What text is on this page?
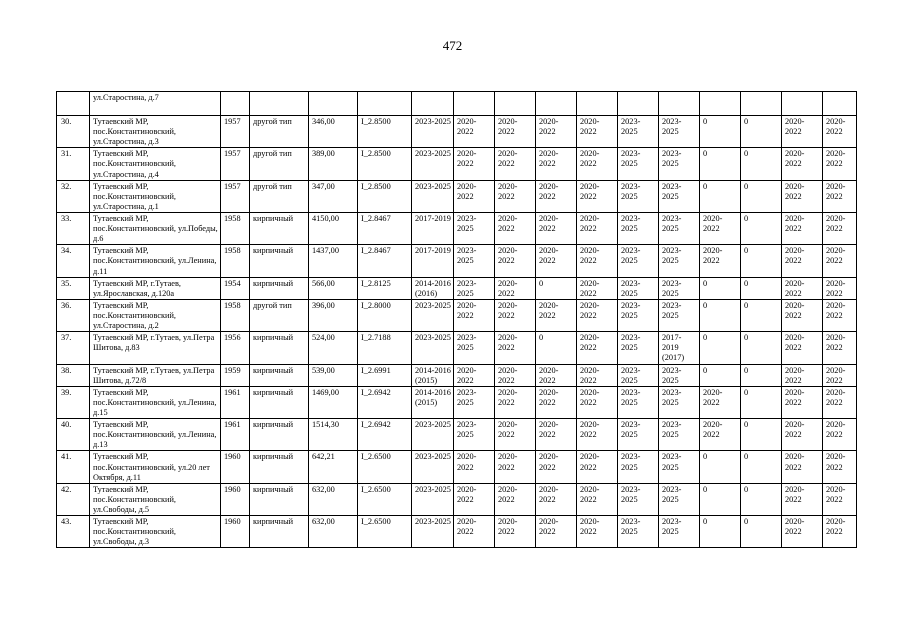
472
	ул.Старостина, д.7															
30.	Тутаевский МР, пос.Константиновский, ул.Старостина, д.3	1957	другой тип	346,00	I_2.8500	2023-2025	2020-2022	2020-2022	2020-2022	2020-2022	2023-2025	2023-2025	0	0	2020-2022	2020-2022
31.	Тутаевский МР, пос.Константиновский, ул.Старостина, д.4	1957	другой тип	389,00	I_2.8500	2023-2025	2020-2022	2020-2022	2020-2022	2020-2022	2023-2025	2023-2025	0	0	2020-2022	2020-2022
32.	Тутаевский МР, пос.Константиновский, ул.Старостина, д.1	1957	другой тип	347,00	I_2.8500	2023-2025	2020-2022	2020-2022	2020-2022	2020-2022	2023-2025	2023-2025	0	0	2020-2022	2020-2022
33.	Тутаевский МР, пос.Константиновский, ул.Победы, д.6	1958	кирпичный	4150,00	I_2.8467	2017-2019	2023-2025	2020-2022	2020-2022	2020-2022	2023-2025	2023-2025	2020-2022	0	2020-2022	2020-2022
34.	Тутаевский МР, пос.Константиновский, ул.Ленина, д.11	1958	кирпичный	1437,00	I_2.8467	2017-2019	2023-2025	2020-2022	2020-2022	2020-2022	2023-2025	2023-2025	2020-2022	0	2020-2022	2020-2022
35.	Тутаевский МР, г.Тутаев, ул.Ярославская, д.120а	1954	кирпичный	566,00	I_2.8125	2014-2016 (2016)	2023-2025	2020-2022	0	2020-2022	2023-2025	2023-2025	0	0	2020-2022	2020-2022
36.	Тутаевский МР, пос.Константиновский, ул.Старостина, д.2	1958	другой тип	396,00	I_2.8000	2023-2025	2020-2022	2020-2022	2020-2022	2020-2022	2023-2025	2023-2025	0	0	2020-2022	2020-2022
37.	Тутаевский МР, г.Тутаев, ул.Петра Шитова, д.83	1956	кирпичный	524,00	I_2.7188	2023-2025	2023-2025	2020-2022	0	2020-2022	2023-2025	2017-2019 (2017)	0	0	2020-2022	2020-2022
38.	Тутаевский МР, г.Тутаев, ул.Петра Шитова, д.72/8	1959	кирпичный	539,00	I_2.6991	2014-2016 (2015)	2020-2022	2020-2022	2020-2022	2020-2022	2023-2025	2023-2025	0	0	2020-2022	2020-2022
39.	Тутаевский МР, пос.Константиновский, ул.Ленина, д.15	1961	кирпичный	1469,00	I_2.6942	2014-2016 (2015)	2023-2025	2020-2022	2020-2022	2020-2022	2023-2025	2023-2025	2020-2022	0	2020-2022	2020-2022
40.	Тутаевский МР, пос.Константиновский, ул.Ленина, д.13	1961	кирпичный	1514,30	I_2.6942	2023-2025	2023-2025	2020-2022	2020-2022	2020-2022	2023-2025	2023-2025	2020-2022	0	2020-2022	2020-2022
41.	Тутаевский МР, пос.Константиновский, ул.20 лет Октября, д.11	1960	кирпичный	642,21	I_2.6500	2023-2025	2020-2022	2020-2022	2020-2022	2020-2022	2023-2025	2023-2025	0	0	2020-2022	2020-2022
42.	Тутаевский МР, пос.Константиновский, ул.Свободы, д.5	1960	кирпичный	632,00	I_2.6500	2023-2025	2020-2022	2020-2022	2020-2022	2020-2022	2023-2025	2023-2025	0	0	2020-2022	2020-2022
43.	Тутаевский МР, пос.Константиновский, ул.Свободы, д.3	1960	кирпичный	632,00	I_2.6500	2023-2025	2020-2022	2020-2022	2020-2022	2020-2022	2023-2025	2023-2025	0	0	2020-2022	2020-2022
